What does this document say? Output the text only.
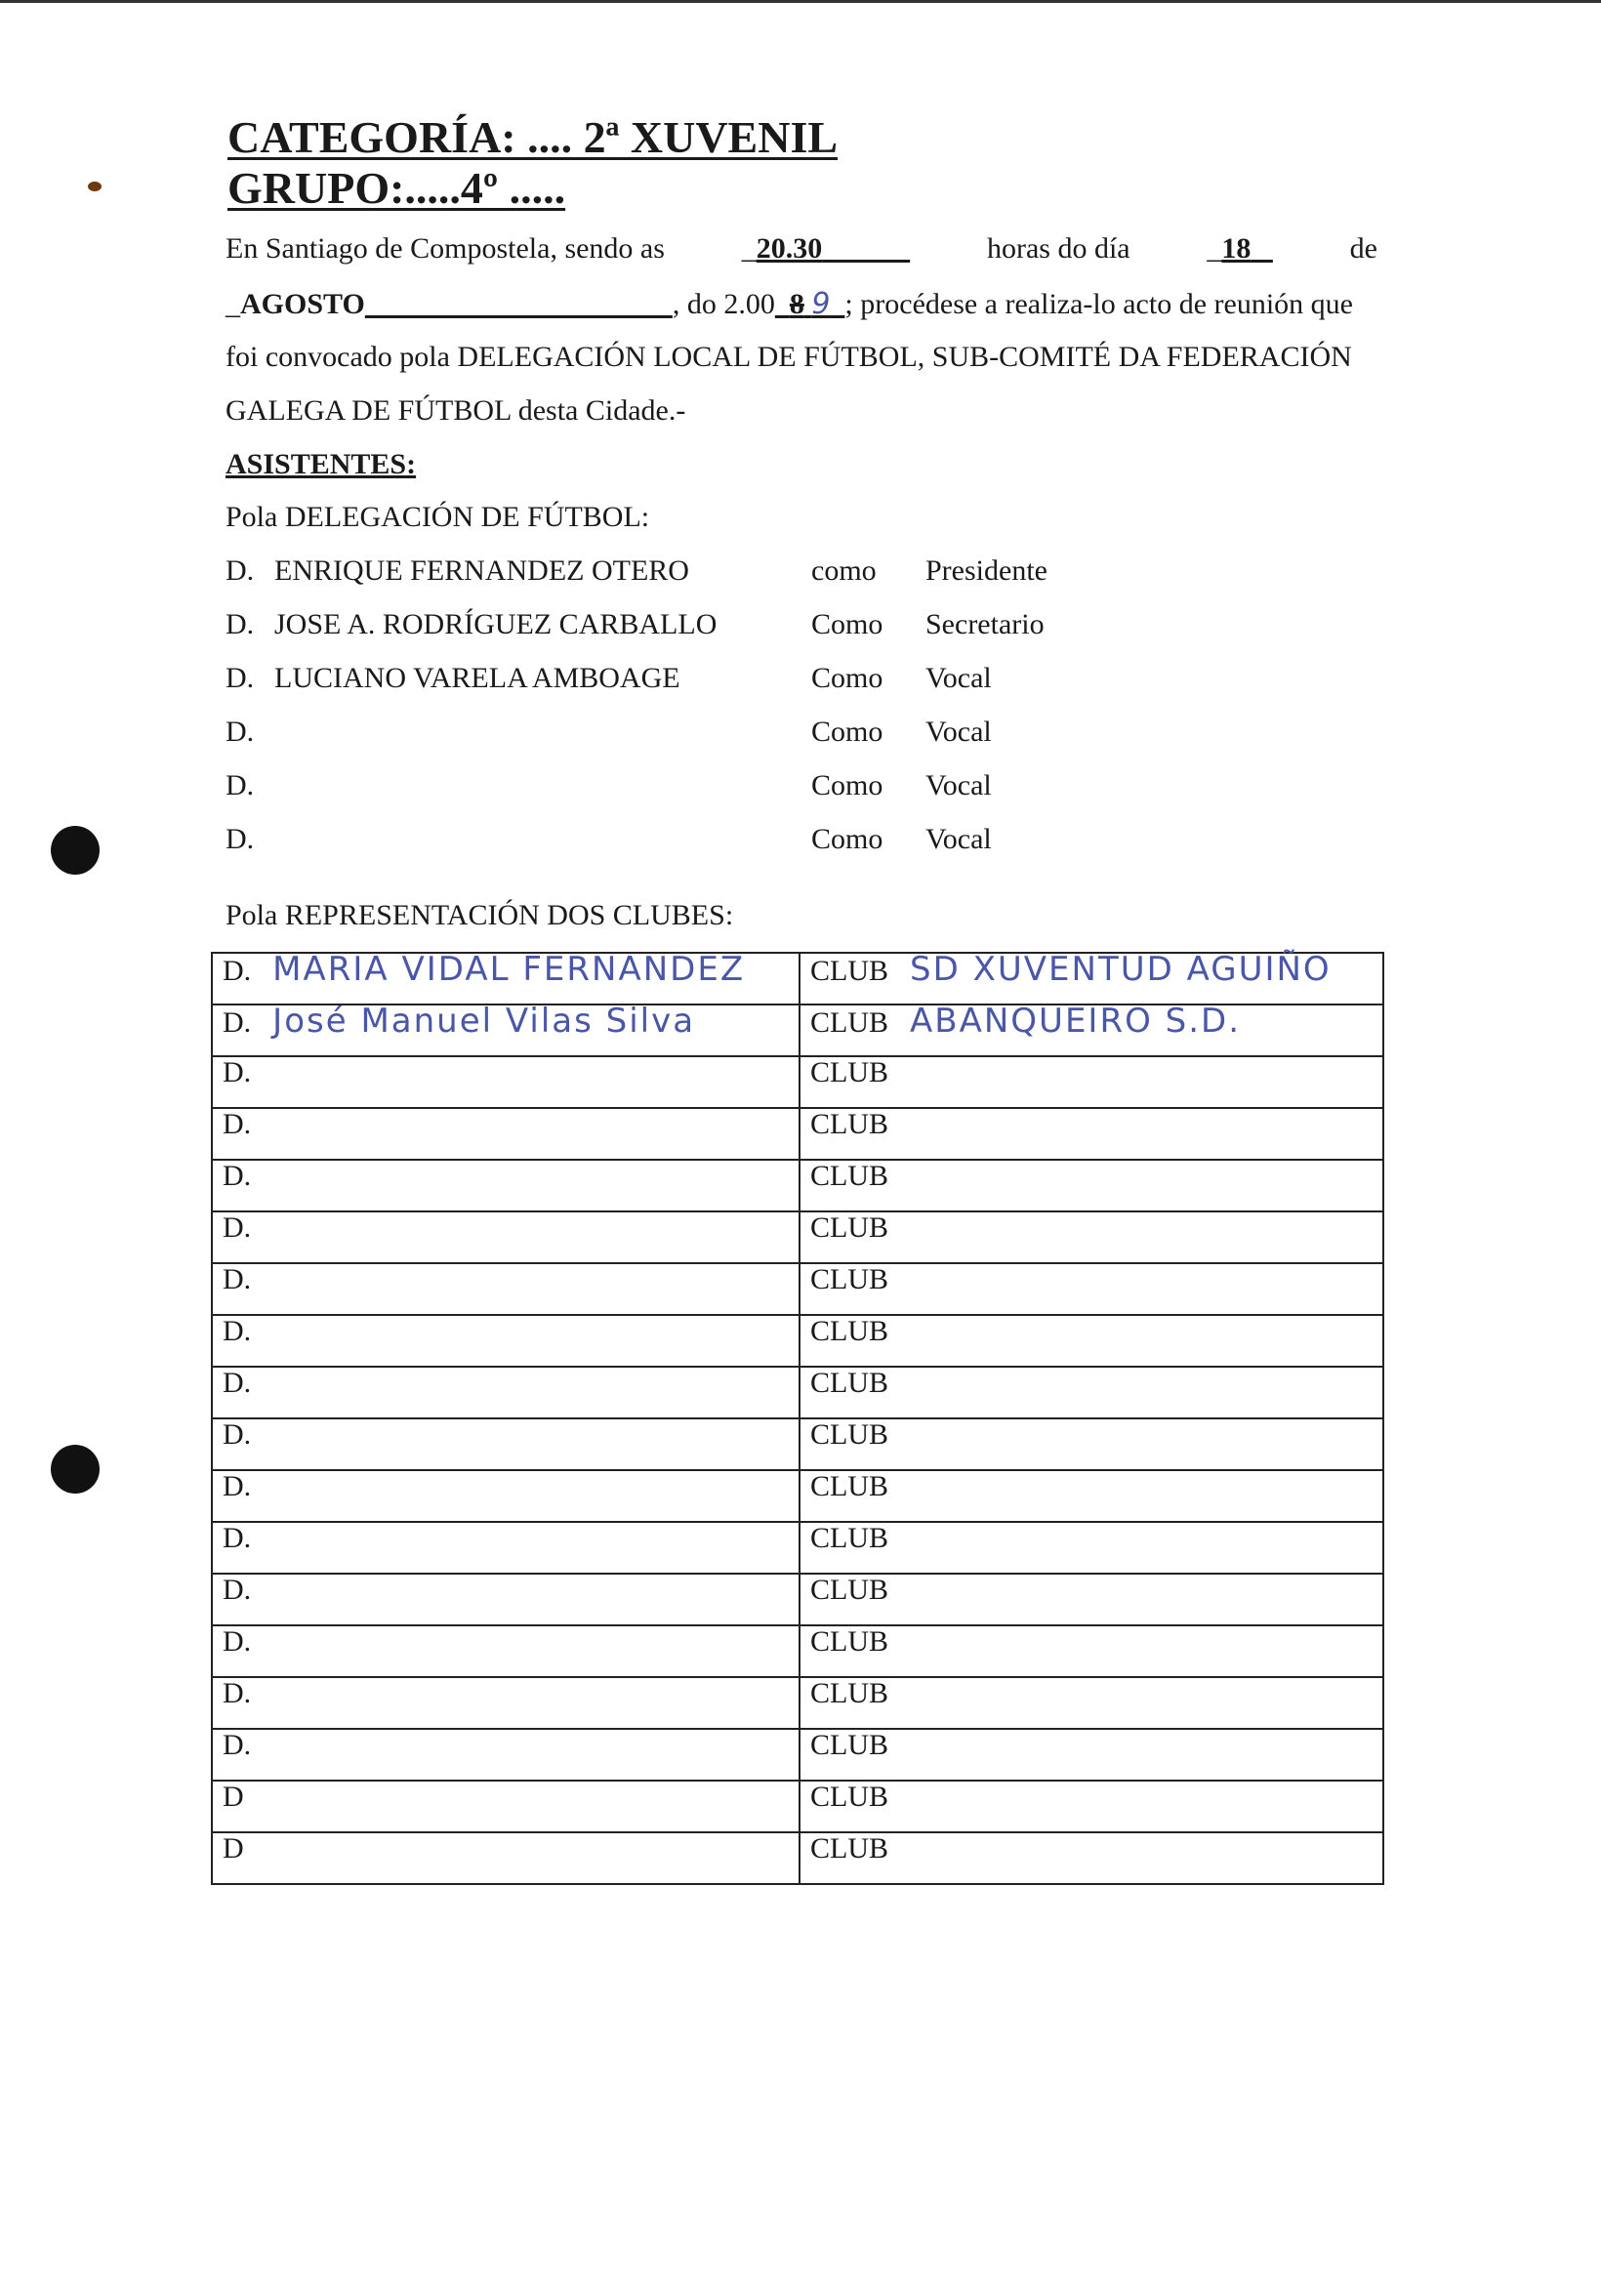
CATEGORÍA: .... 2ª XUVENIL
GRUPO:.....4º .....
En Santiago de Compostela, sendo as	_20.30	horas do día	_18	de
_AGOSTO	, do 2.00 8 9 ; procédese a realiza-lo acto de reunión que
foi convocado pola DELEGACIÓN LOCAL DE FÚTBOL, SUB-COMITÉ DA FEDERACIÓN
GALEGA DE FÚTBOL desta Cidade.-
ASISTENTES:
Pola DELEGACIÓN DE FÚTBOL:
D. ENRIQUE FERNANDEZ OTERO	como Presidente
D. JOSE A. RODRÍGUEZ CARBALLO	Como Secretario
D. LUCIANO VARELA AMBOAGE	Como Vocal
D.	Como Vocal
D.	Como Vocal
D.	Como Vocal
Pola REPRESENTACIÓN DOS CLUBES:
D. MARIA VIDAL FERNANDEZ	CLUB SD XUVENTUD AGUIÑO
D. José Manuel Vilas Silva	CLUB ABANQUEIRO S.D.
D.	CLUB
D.	CLUB
D.	CLUB
D.	CLUB
D.	CLUB
D.	CLUB
D.	CLUB
D.	CLUB
D.	CLUB
D.	CLUB
D.	CLUB
D.	CLUB
D.	CLUB
D.	CLUB
D	CLUB
D	CLUB
